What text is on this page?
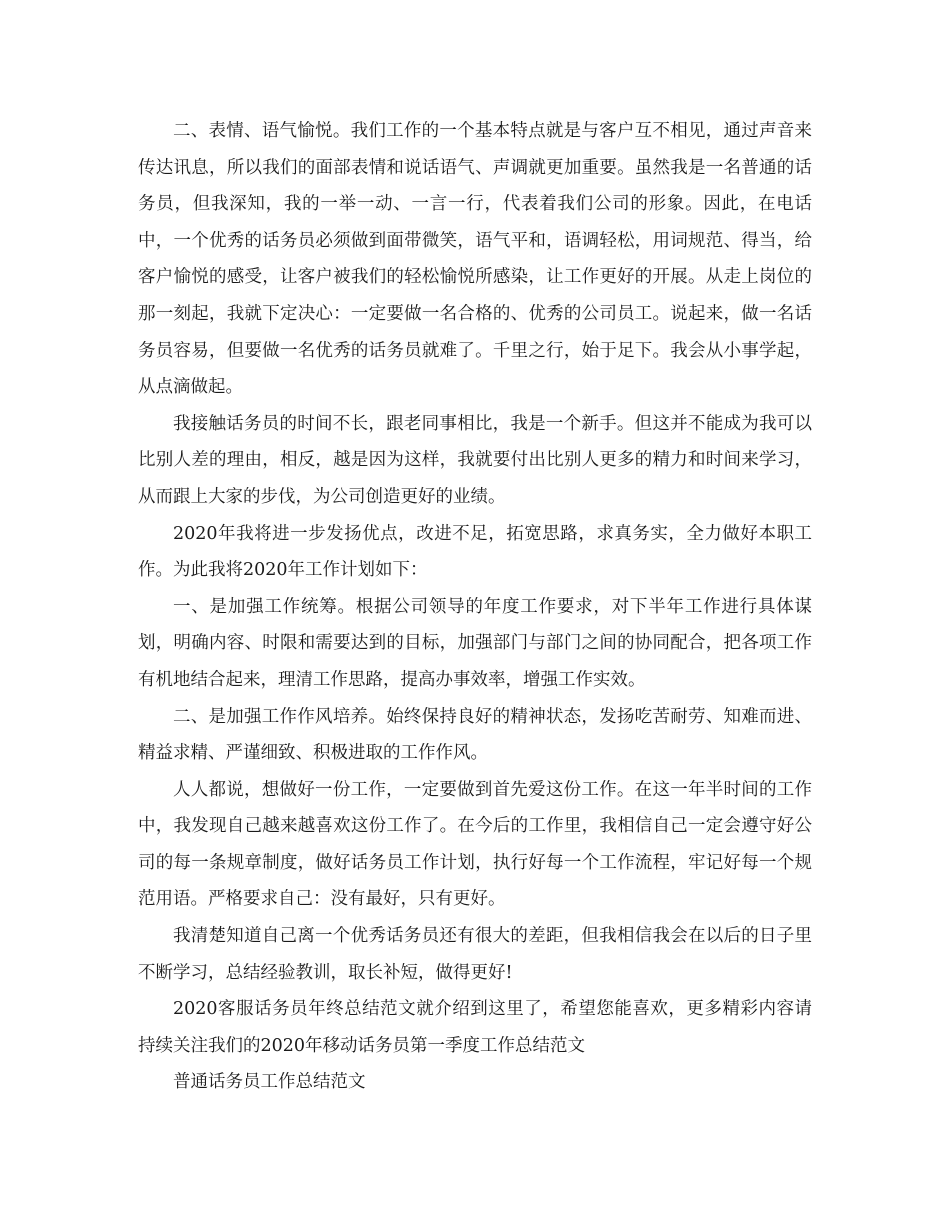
二、表情、语气愉悦。我们工作的一个基本特点就是与客户互不相见，通过声音来传达讯息，所以我们的面部表情和说话语气、声调就更加重要。虽然我是一名普通的话务员，但我深知，我的一举一动、一言一行，代表着我们公司的形象。因此，在电话中，一个优秀的话务员必须做到面带微笑，语气平和，语调轻松，用词规范、得当，给客户愉悦的感受，让客户被我们的轻松愉悦所感染，让工作更好的开展。从走上岗位的那一刻起，我就下定决心：一定要做一名合格的、优秀的公司员工。说起来，做一名话务员容易，但要做一名优秀的话务员就难了。千里之行，始于足下。我会从小事学起，从点滴做起。

我接触话务员的时间不长，跟老同事相比，我是一个新手。但这并不能成为我可以比别人差的理由，相反，越是因为这样，我就要付出比别人更多的精力和时间来学习，从而跟上大家的步伐，为公司创造更好的业绩。

2020年我将进一步发扬优点，改进不足，拓宽思路，求真务实，全力做好本职工作。为此我将2020年工作计划如下：

一、是加强工作统筹。根据公司领导的年度工作要求，对下半年工作进行具体谋划，明确内容、时限和需要达到的目标，加强部门与部门之间的协同配合，把各项工作有机地结合起来，理清工作思路，提高办事效率，增强工作实效。

二、是加强工作作风培养。始终保持良好的精神状态，发扬吃苦耐劳、知难而进、精益求精、严谨细致、积极进取的工作作风。

人人都说，想做好一份工作，一定要做到首先爱这份工作。在这一年半时间的工作中，我发现自己越来越喜欢这份工作了。在今后的工作里，我相信自己一定会遵守好公司的每一条规章制度，做好话务员工作计划，执行好每一个工作流程，牢记好每一个规范用语。严格要求自己：没有最好，只有更好。

我清楚知道自己离一个优秀话务员还有很大的差距，但我相信我会在以后的日子里不断学习，总结经验教训，取长补短，做得更好!

2020客服话务员年终总结范文就介绍到这里了，希望您能喜欢，更多精彩内容请持续关注我们的2020年移动话务员第一季度工作总结范文

普通话务员工作总结范文
